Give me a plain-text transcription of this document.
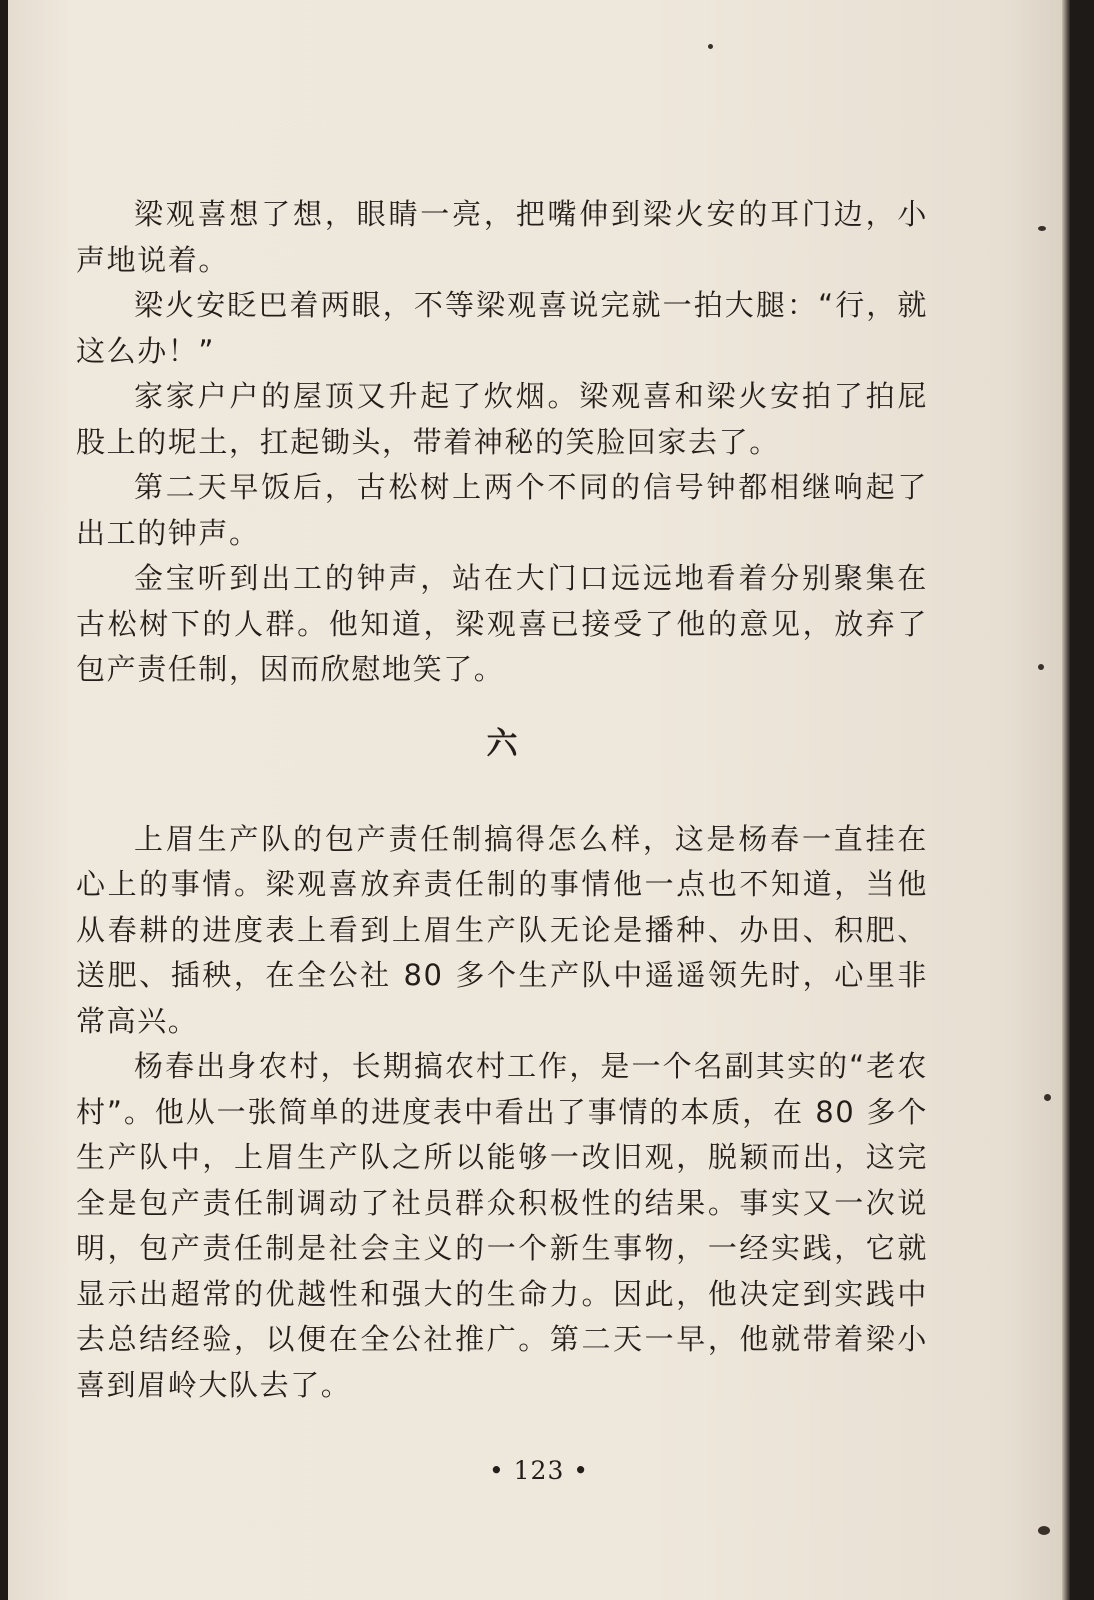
梁观喜想了想，眼睛一亮，把嘴伸到梁火安的耳门边，小声地说着。

梁火安眨巴着两眼，不等梁观喜说完就一拍大腿：“行，就这么办！”

家家户户的屋顶又升起了炊烟。梁观喜和梁火安拍了拍屁股上的坭土，扛起锄头，带着神秘的笑脸回家去了。

第二天早饭后，古松树上两个不同的信号钟都相继响起了出工的钟声。

金宝听到出工的钟声，站在大门口远远地看着分别聚集在古松树下的人群。他知道，梁观喜已接受了他的意见，放弃了包产责任制，因而欣慰地笑了。

六

上眉生产队的包产责任制搞得怎么样，这是杨春一直挂在心上的事情。梁观喜放弃责任制的事情他一点也不知道，当他从春耕的进度表上看到上眉生产队无论是播种、办田、积肥、送肥、插秧，在全公社 80 多个生产队中遥遥领先时，心里非常高兴。

杨春出身农村，长期搞农村工作，是一个名副其实的“老农村”。他从一张简单的进度表中看出了事情的本质，在 80 多个生产队中，上眉生产队之所以能够一改旧观，脱颖而出，这完全是包产责任制调动了社员群众积极性的结果。事实又一次说明，包产责任制是社会主义的一个新生事物，一经实践，它就显示出超常的优越性和强大的生命力。因此，他决定到实践中去总结经验，以便在全公社推广。第二天一早，他就带着梁小喜到眉岭大队去了。

• 123 •
